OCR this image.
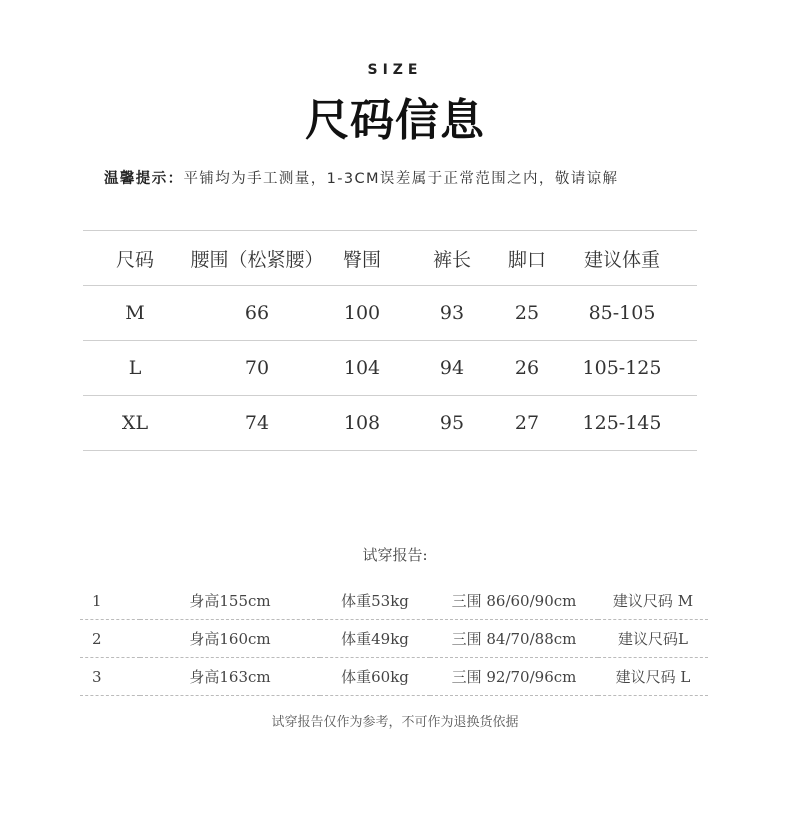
SIZE
尺码信息
温馨提示：平铺均为手工测量，1-3CM误差属于正常范围之内，敬请谅解
尺码	腰围（松紧腰）	臀围	裤长	脚口	建议体重
M	66	100	93	25	85-105
L	70	104	94	26	105-125
XL	74	108	95	27	125-145
试穿报告:
1	身高155cm	体重53kg	三围 86/60/90cm	建议尺码 M
2	身高160cm	体重49kg	三围 84/70/88cm	建议尺码L
3	身高163cm	体重60kg	三围 92/70/96cm	建议尺码 L
试穿报告仅作为参考，不可作为退换货依据
